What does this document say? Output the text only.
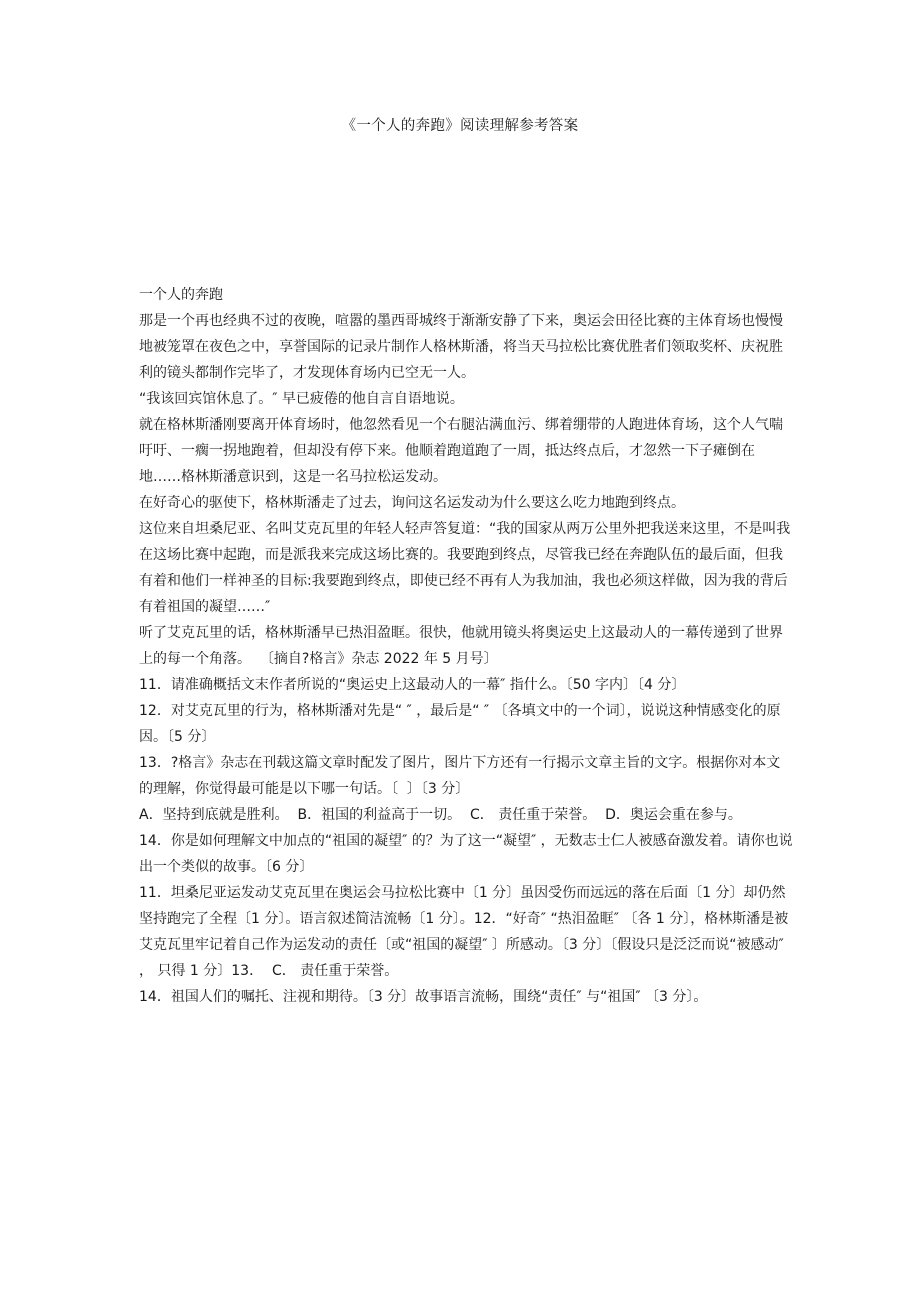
《一个人的奔跑》阅读理解参考答案

一个人的奔跑

那是一个再也经典不过的夜晚，喧嚣的墨西哥城终于渐渐安静了下来，奥运会田径比赛的主体育场也慢慢地被笼罩在夜色之中，享誉国际的记录片制作人格林斯潘，将当天马拉松比赛优胜者们领取奖杯、庆祝胜利的镜头都制作完毕了，才发现体育场内已空无一人。

“我该回宾馆休息了。″ 早已疲倦的他自言自语地说。

就在格林斯潘刚要离开体育场时，他忽然看见一个右腿沾满血污、绑着绷带的人跑进体育场，这个人气喘吁吁、一瘸一拐地跑着，但却没有停下来。他顺着跑道跑了一周，抵达终点后，才忽然一下子瘫倒在地……格林斯潘意识到，这是一名马拉松运发动。

在好奇心的驱使下，格林斯潘走了过去，询问这名运发动为什么要这么吃力地跑到终点。

这位来自坦桑尼亚、名叫艾克瓦里的年轻人轻声答复道：“我的国家从两万公里外把我送来这里，不是叫我在这场比赛中起跑，而是派我来完成这场比赛的。我要跑到终点，尽管我已经在奔跑队伍的最后面，但我有着和他们一样神圣的目标:我要跑到终点，即使已经不再有人为我加油，我也必须这样做，因为我的背后有着祖国的凝望……″

听了艾克瓦里的话，格林斯潘早已热泪盈眶。很快，他就用镜头将奥运史上这最动人的一幕传递到了世界上的每一个角落。  〔摘自?格言》杂志 2022 年 5 月号〕

11．请准确概括文末作者所说的“奥运史上这最动人的一幕″ 指什么。〔50 字内〕〔4 分〕

12．对艾克瓦里的行为，格林斯潘对先是“ ″ ，最后是“ ″ 〔各填文中的一个词〕，说说这种情感变化的原因。〔5 分〕

13．?格言》杂志在刊载这篇文章时配发了图片，图片下方还有一行揭示文章主旨的文字。根据你对本文的理解，你觉得最可能是以下哪一句话。〔  〕〔3 分〕

A．坚持到底就是胜利。  B．祖国的利益高于一切。  C． 责任重于荣誉。  D．奥运会重在参与。

14．你是如何理解文中加点的“祖国的凝望″ 的？为了这一“凝望″ ，无数志士仁人被感奋激发着。请你也说出一个类似的故事。〔6 分〕

11．坦桑尼亚运发动艾克瓦里在奥运会马拉松比赛中〔1 分〕虽因受伤而远远的落在后面〔1 分〕却仍然坚持跑完了全程〔1 分〕。语言叙述简洁流畅〔1 分〕。12．“好奇″ “热泪盈眶″ 〔各 1 分〕，格林斯潘是被艾克瓦里牢记着自己作为运发动的责任〔或“祖国的凝望″ 〕所感动。〔3 分〕〔假设只是泛泛而说“被感动″ ， 只得 1 分〕13．  C． 责任重于荣誉。

14．祖国人们的嘱托、注视和期待。〔3 分〕故事语言流畅，围绕“责任″ 与“祖国″ 〔3 分〕。
